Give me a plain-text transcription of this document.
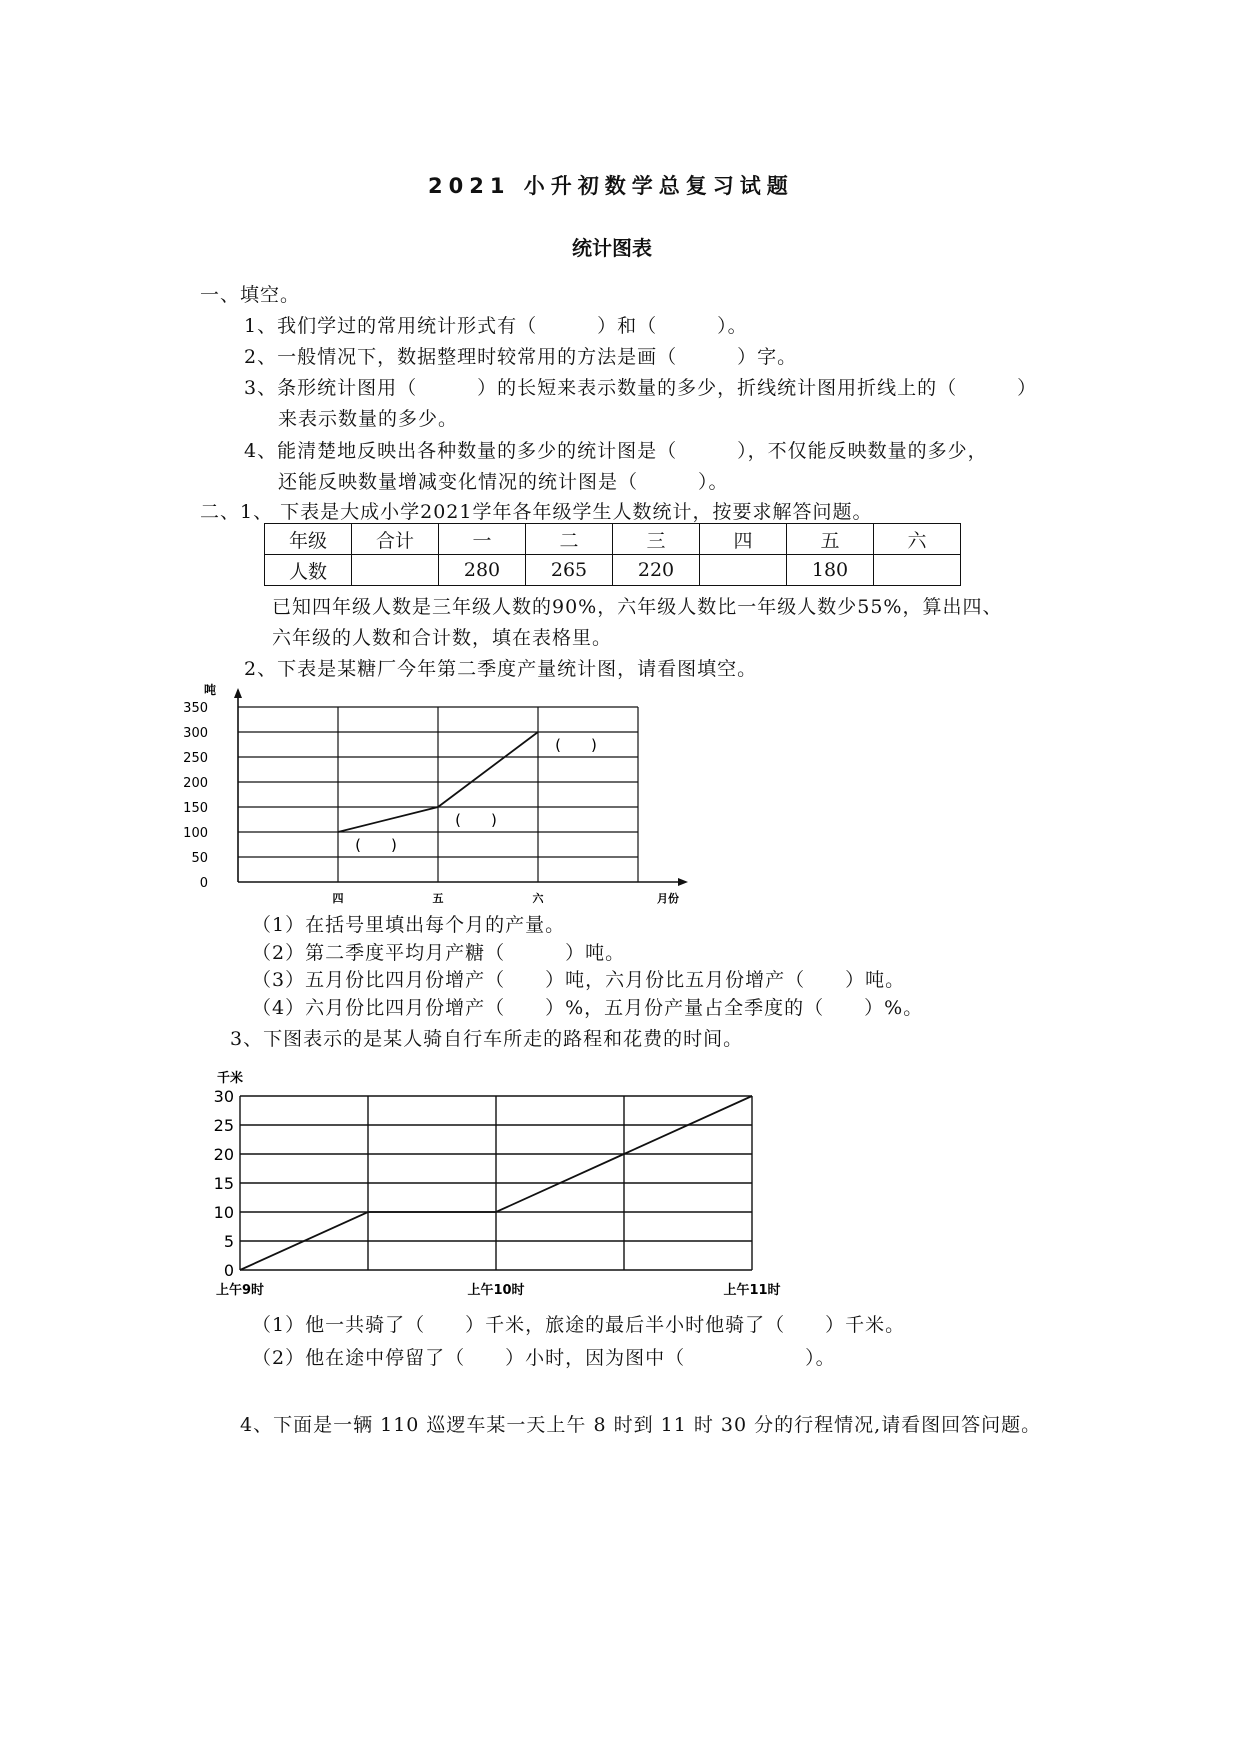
2021 小升初数学总复习试题
统计图表
一、填空。
1、我们学过的常用统计形式有（　　　）和（　　　）。
2、一般情况下，数据整理时较常用的方法是画（　　　）字。
3、条形统计图用（　　　）的长短来表示数量的多少，折线统计图用折线上的（　　　）
来表示数量的多少。
4、能清楚地反映出各种数量的多少的统计图是（　　　），不仅能反映数量的多少，
还能反映数量增减变化情况的统计图是（　　　）。
二、1、 下表是大成小学2021学年各年级学生人数统计，按要求解答问题。
年级	合计	一	二	三	四	五	六
人数		280	265	220		180	
已知四年级人数是三年级人数的90%，六年级人数比一年级人数少55%，算出四、
六年级的人数和合计数，填在表格里。
2、下表是某糖厂今年第二季度产量统计图，请看图填空。
0
50
100
150
200
250
300
350
吨
四	五	六	月份
(　　)
(　　)
(　　)
（1）在括号里填出每个月的产量。
（2）第二季度平均月产糖（　　　）吨。
（3）五月份比四月份增产（　　）吨，六月份比五月份增产（　　）吨。
（4）六月份比四月份增产（　　）%，五月份产量占全季度的（　　）%。
3、下图表示的是某人骑自行车所走的路程和花费的时间。
0
5
10
15
20
25
30
千米
上午9时	上午10时	上午11时
（1）他一共骑了（　　）千米，旅途的最后半小时他骑了（　　）千米。
（2）他在途中停留了（　　）小时，因为图中（　　　　　　）。
4、下面是一辆 110 巡逻车某一天上午 8 时到 11 时 30 分的行程情况,请看图回答问题。
